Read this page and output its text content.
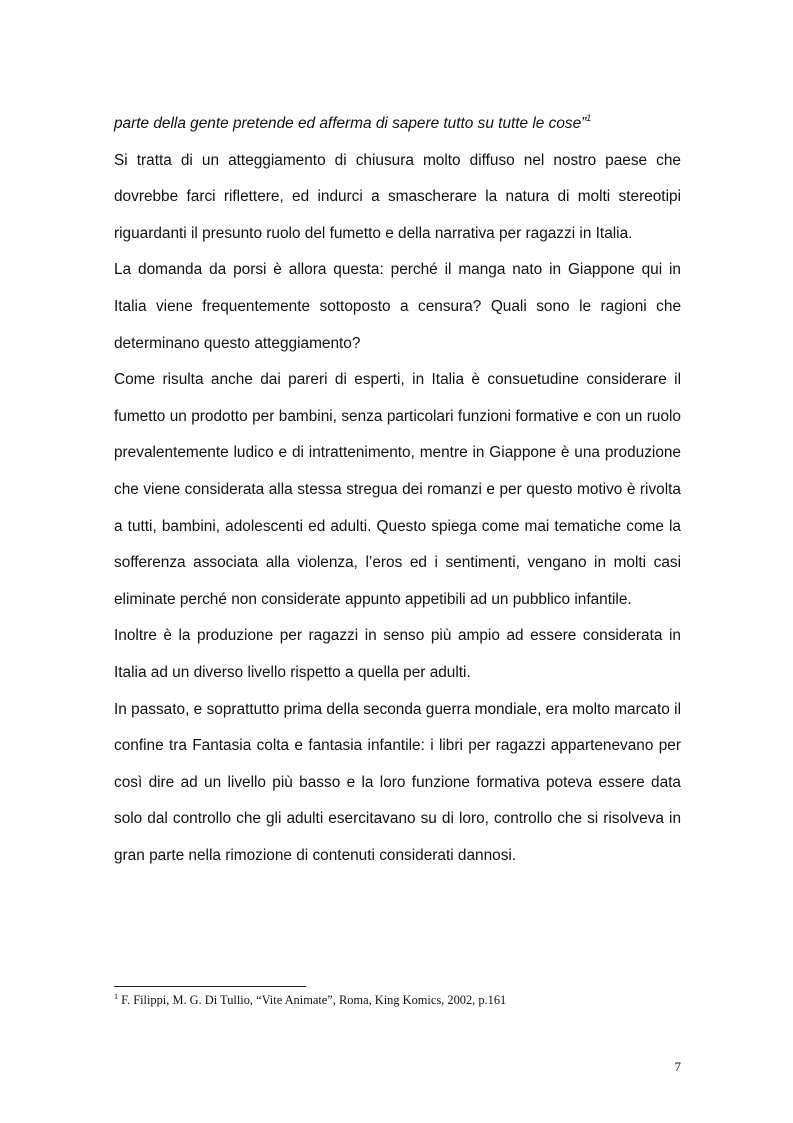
parte della gente pretende ed afferma di sapere tutto su tutte le cose”$^1$

Si tratta di un atteggiamento di chiusura molto diffuso nel nostro paese che dovrebbe farci riflettere, ed indurci a smascherare la natura di molti stereotipi riguardanti il presunto ruolo del fumetto e della narrativa per ragazzi in Italia.

La domanda da porsi è allora questa: perché il manga nato in Giappone qui in Italia viene frequentemente sottoposto a censura? Quali sono le ragioni che determinano questo atteggiamento?

Come risulta anche dai pareri di esperti, in Italia è consuetudine considerare il fumetto un prodotto per bambini, senza particolari funzioni formative e con un ruolo prevalentemente ludico e di intrattenimento, mentre in Giappone è una produzione che viene considerata alla stessa stregua dei romanzi e per questo motivo è rivolta a tutti, bambini, adolescenti ed adulti. Questo spiega come mai tematiche come la sofferenza associata alla violenza, l’eros ed i sentimenti, vengano in molti casi eliminate perché non considerate appunto appetibili ad un pubblico infantile.

Inoltre è la produzione per ragazzi in senso più ampio ad essere considerata in Italia ad un diverso livello rispetto a quella per adulti.

In passato, e soprattutto prima della seconda guerra mondiale, era molto marcato il confine tra Fantasia colta e fantasia infantile: i libri per ragazzi appartenevano per così dire ad un livello più basso e la loro funzione formativa poteva essere data solo dal controllo che gli adulti esercitavano su di loro, controllo che si risolveva in gran parte nella rimozione di contenuti considerati dannosi.

$^1$ F. Filippi, M. G. Di Tullio, “Vite Animate”, Roma, King Komics, 2002, p.161
7
